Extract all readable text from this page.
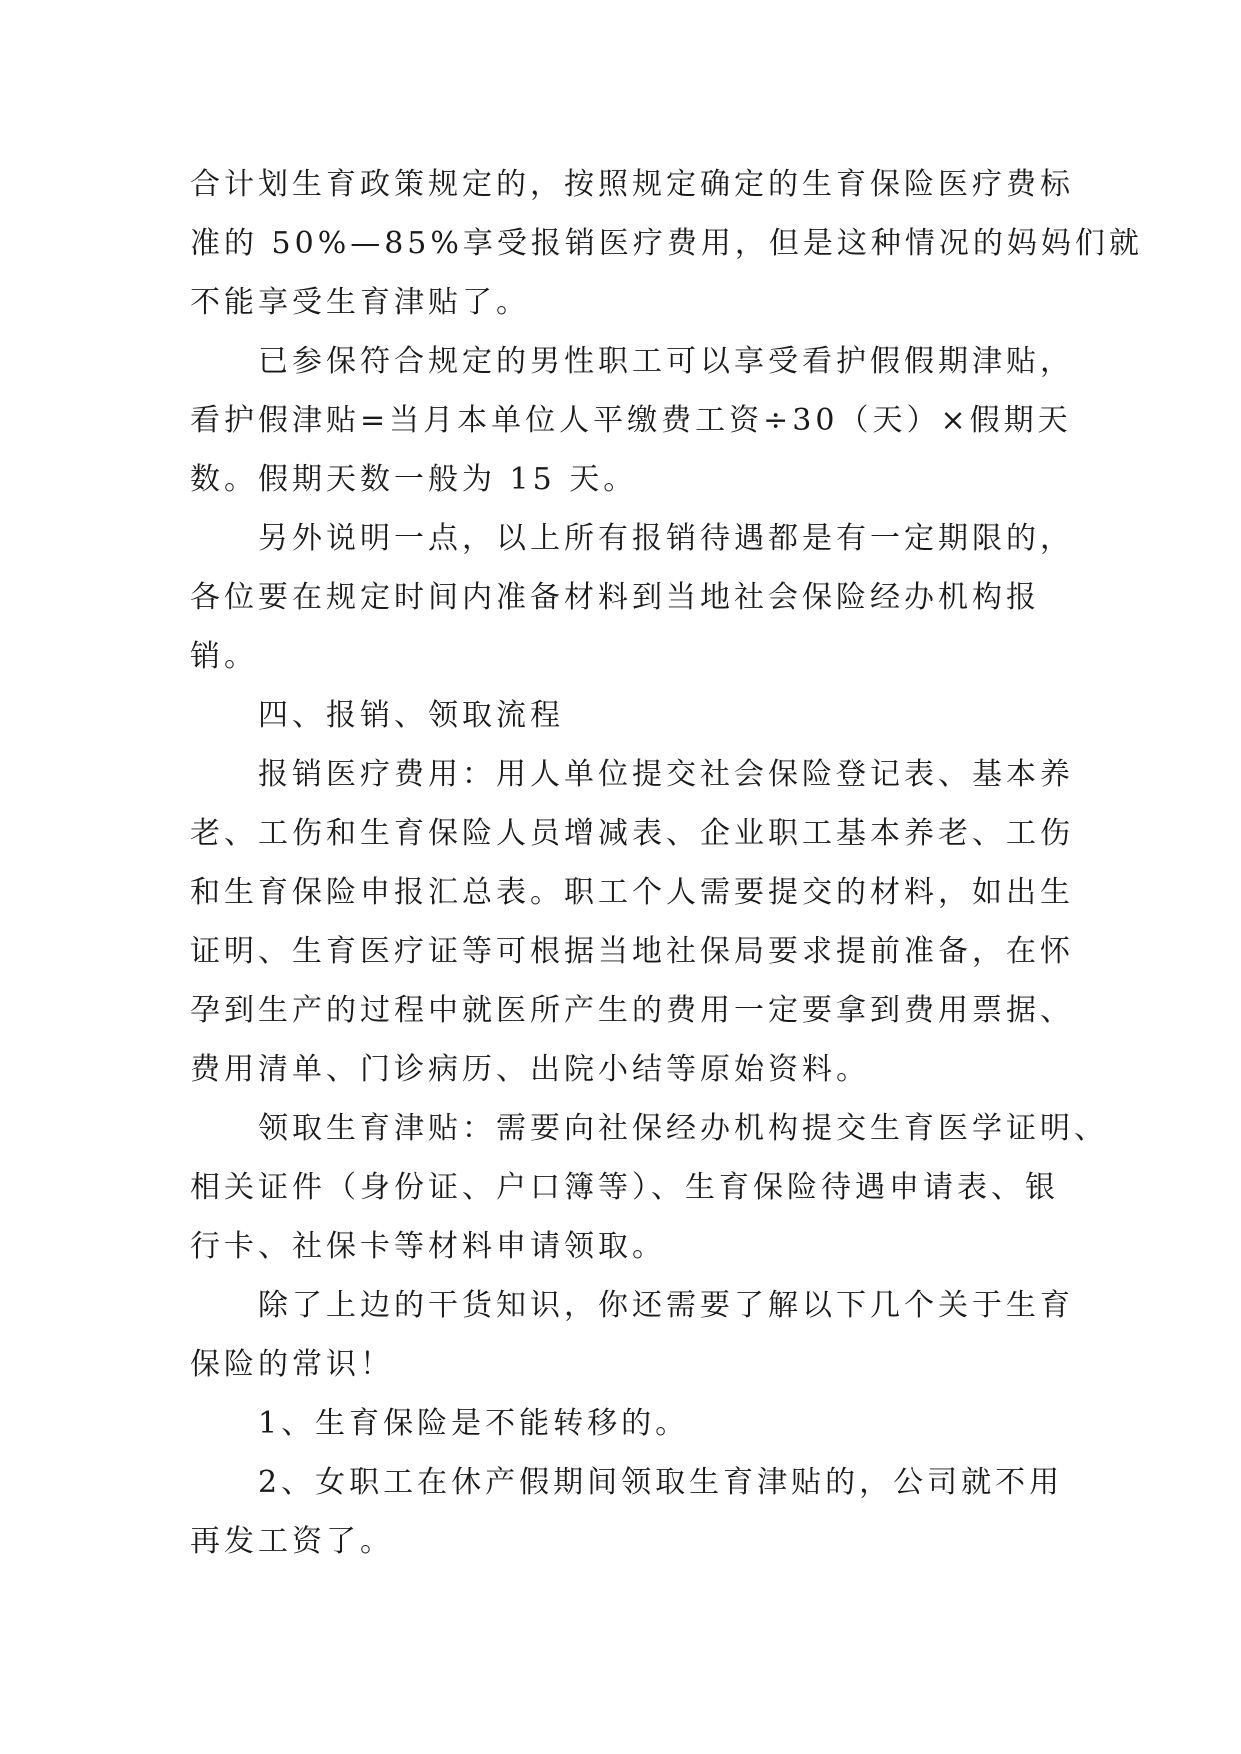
合计划生育政策规定的，按照规定确定的生育保险医疗费标
准的 50%—85%享受报销医疗费用，但是这种情况的妈妈们就
不能享受生育津贴了。
已参保符合规定的男性职工可以享受看护假假期津贴，
看护假津贴=当月本单位人平缴费工资÷30（天）×假期天
数。假期天数一般为 15 天。
另外说明一点，以上所有报销待遇都是有一定期限的，
各位要在规定时间内准备材料到当地社会保险经办机构报
销。
四、报销、领取流程
报销医疗费用：用人单位提交社会保险登记表、基本养
老、工伤和生育保险人员增减表、企业职工基本养老、工伤
和生育保险申报汇总表。职工个人需要提交的材料，如出生
证明、生育医疗证等可根据当地社保局要求提前准备，在怀
孕到生产的过程中就医所产生的费用一定要拿到费用票据、
费用清单、门诊病历、出院小结等原始资料。
领取生育津贴：需要向社保经办机构提交生育医学证明、
相关证件（身份证、户口簿等）、生育保险待遇申请表、银
行卡、社保卡等材料申请领取。
除了上边的干货知识，你还需要了解以下几个关于生育
保险的常识！
1、生育保险是不能转移的。
2、女职工在休产假期间领取生育津贴的，公司就不用
再发工资了。
